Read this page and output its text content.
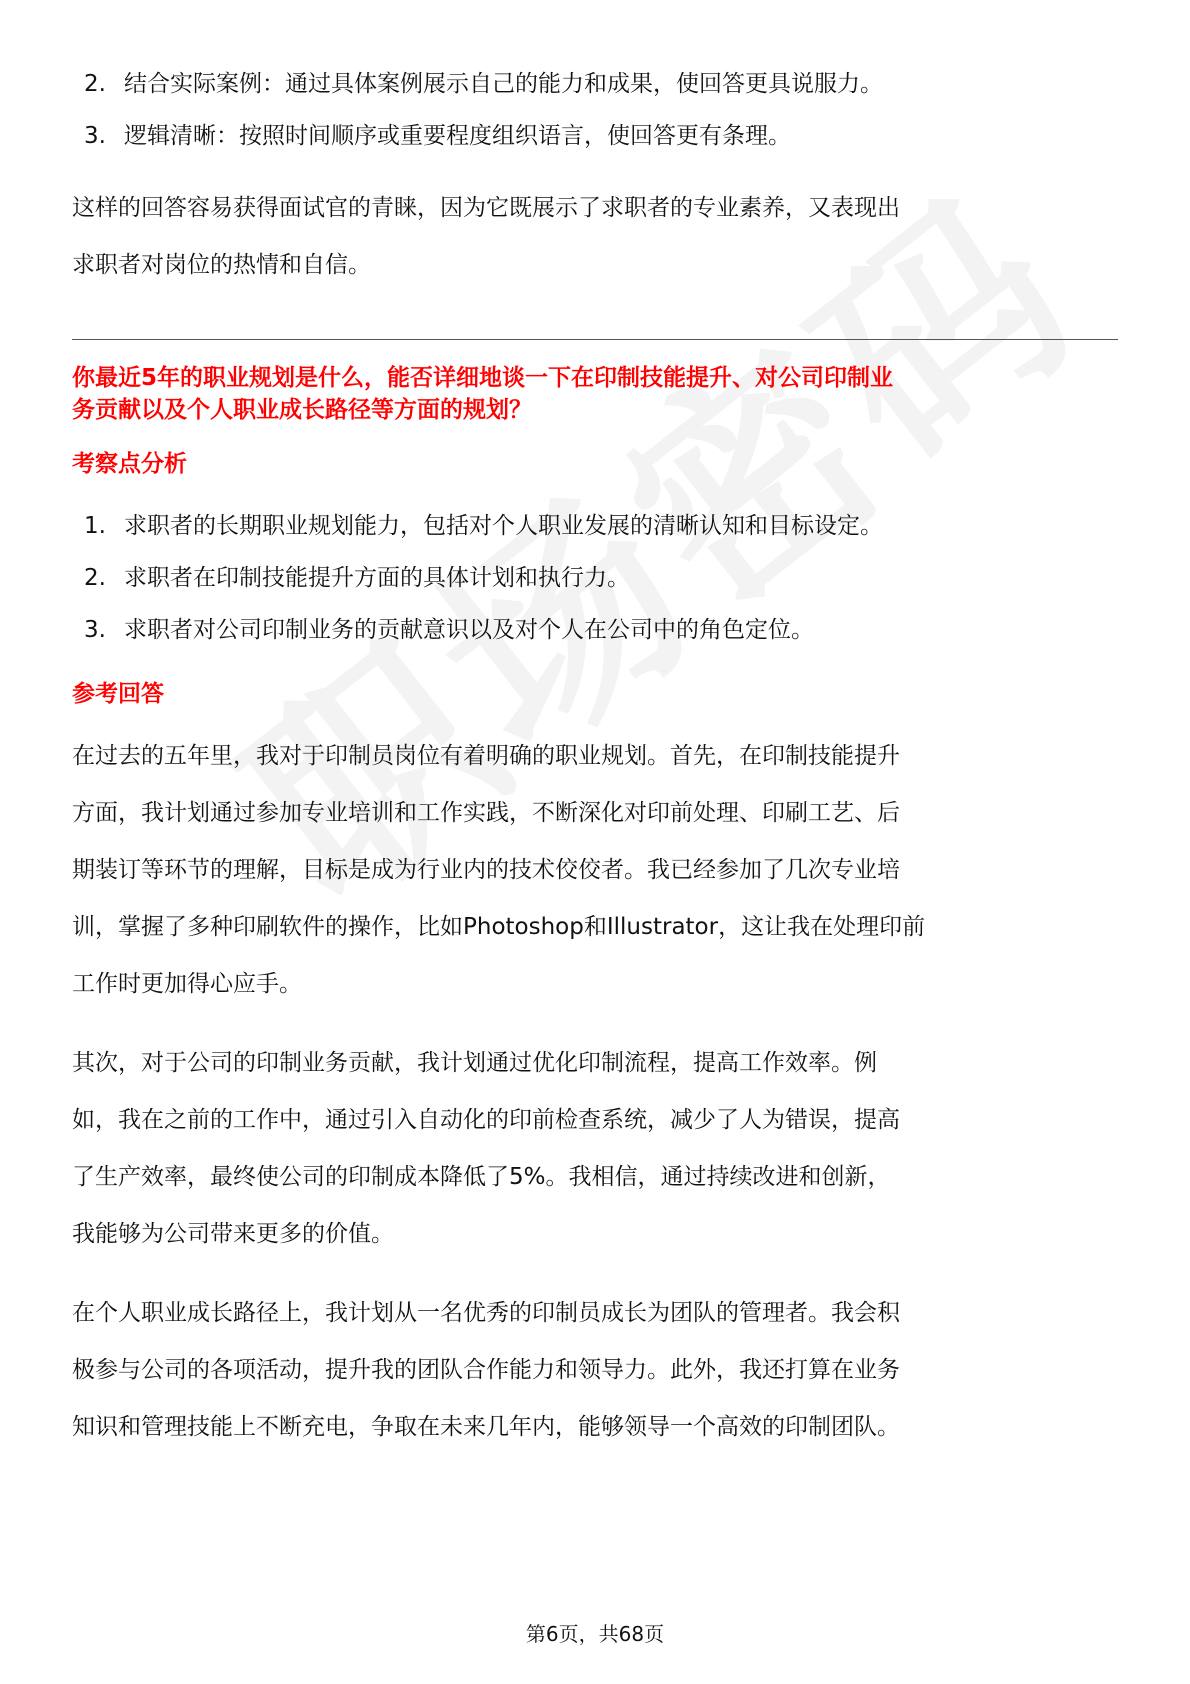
2. 结合实际案例：通过具体案例展示自己的能力和成果，使回答更具说服力。
3. 逻辑清晰：按照时间顺序或重要程度组织语言，使回答更有条理。

这样的回答容易获得面试官的青睐，因为它既展示了求职者的专业素养，又表现出

求职者对岗位的热情和自信。

你最近5年的职业规划是什么，能否详细地谈一下在印制技能提升、对公司印制业

务贡献以及个人职业成长路径等方面的规划？

考察点分析

1. 求职者的长期职业规划能力，包括对个人职业发展的清晰认知和目标设定。
2. 求职者在印制技能提升方面的具体计划和执行力。
3. 求职者对公司印制业务的贡献意识以及对个人在公司中的角色定位。

参考回答

在过去的五年里，我对于印制员岗位有着明确的职业规划。首先，在印制技能提升

方面，我计划通过参加专业培训和工作实践，不断深化对印前处理、印刷工艺、后

期装订等环节的理解，目标是成为行业内的技术佼佼者。我已经参加了几次专业培

训，掌握了多种印刷软件的操作，比如Photoshop和Illustrator，这让我在处理印前

工作时更加得心应手。

其次，对于公司的印制业务贡献，我计划通过优化印制流程，提高工作效率。例

如，我在之前的工作中，通过引入自动化的印前检查系统，减少了人为错误，提高

了生产效率，最终使公司的印制成本降低了5%。我相信，通过持续改进和创新，

我能够为公司带来更多的价值。

在个人职业成长路径上，我计划从一名优秀的印制员成长为团队的管理者。我会积

极参与公司的各项活动，提升我的团队合作能力和领导力。此外，我还打算在业务

知识和管理技能上不断充电，争取在未来几年内，能够领导一个高效的印制团队。

第6页，共68页
